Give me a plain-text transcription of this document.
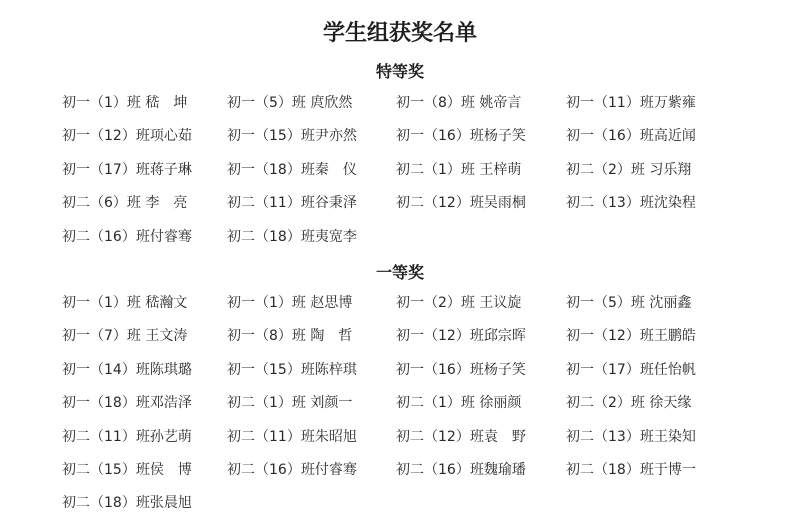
学生组获奖名单
特等奖
初一（1）班 嵇　坤	初一（5）班 庹欣然	初一（8）班 姚帝言	初一（11）班万紫雍
初一（12）班项心茹	初一（15）班尹亦然	初一（16）班杨子笑	初一（16）班高近闻
初一（17）班蒋子琳	初一（18）班秦　仪	初二（1）班 王梓萌	初二（2）班 习乐翔
初二（6）班 李　亮	初二（11）班谷秉泽	初二（12）班吴雨桐	初二（13）班沈染程
初二（16）班付睿骞	初二（18）班夷宽李
一等奖
初一（1）班 嵇瀚文	初一（1）班 赵思博	初一（2）班 王议旋	初一（5）班 沈丽鑫
初一（7）班 王文涛	初一（8）班 陶　哲	初一（12）班邱宗晖	初一（12）班王鹏皓
初一（14）班陈琪璐	初一（15）班陈梓琪	初一（16）班杨子笑	初一（17）班任怡帆
初一（18）班邓浩泽	初二（1）班 刘颜一	初二（1）班 徐丽颜	初二（2）班 徐天缘
初二（11）班孙艺萌	初二（11）班朱昭旭	初二（12）班袁　野	初二（13）班王染知
初二（15）班侯　博	初二（16）班付睿骞	初二（16）班魏瑜璠	初二（18）班于博一
初二（18）班张晨旭
